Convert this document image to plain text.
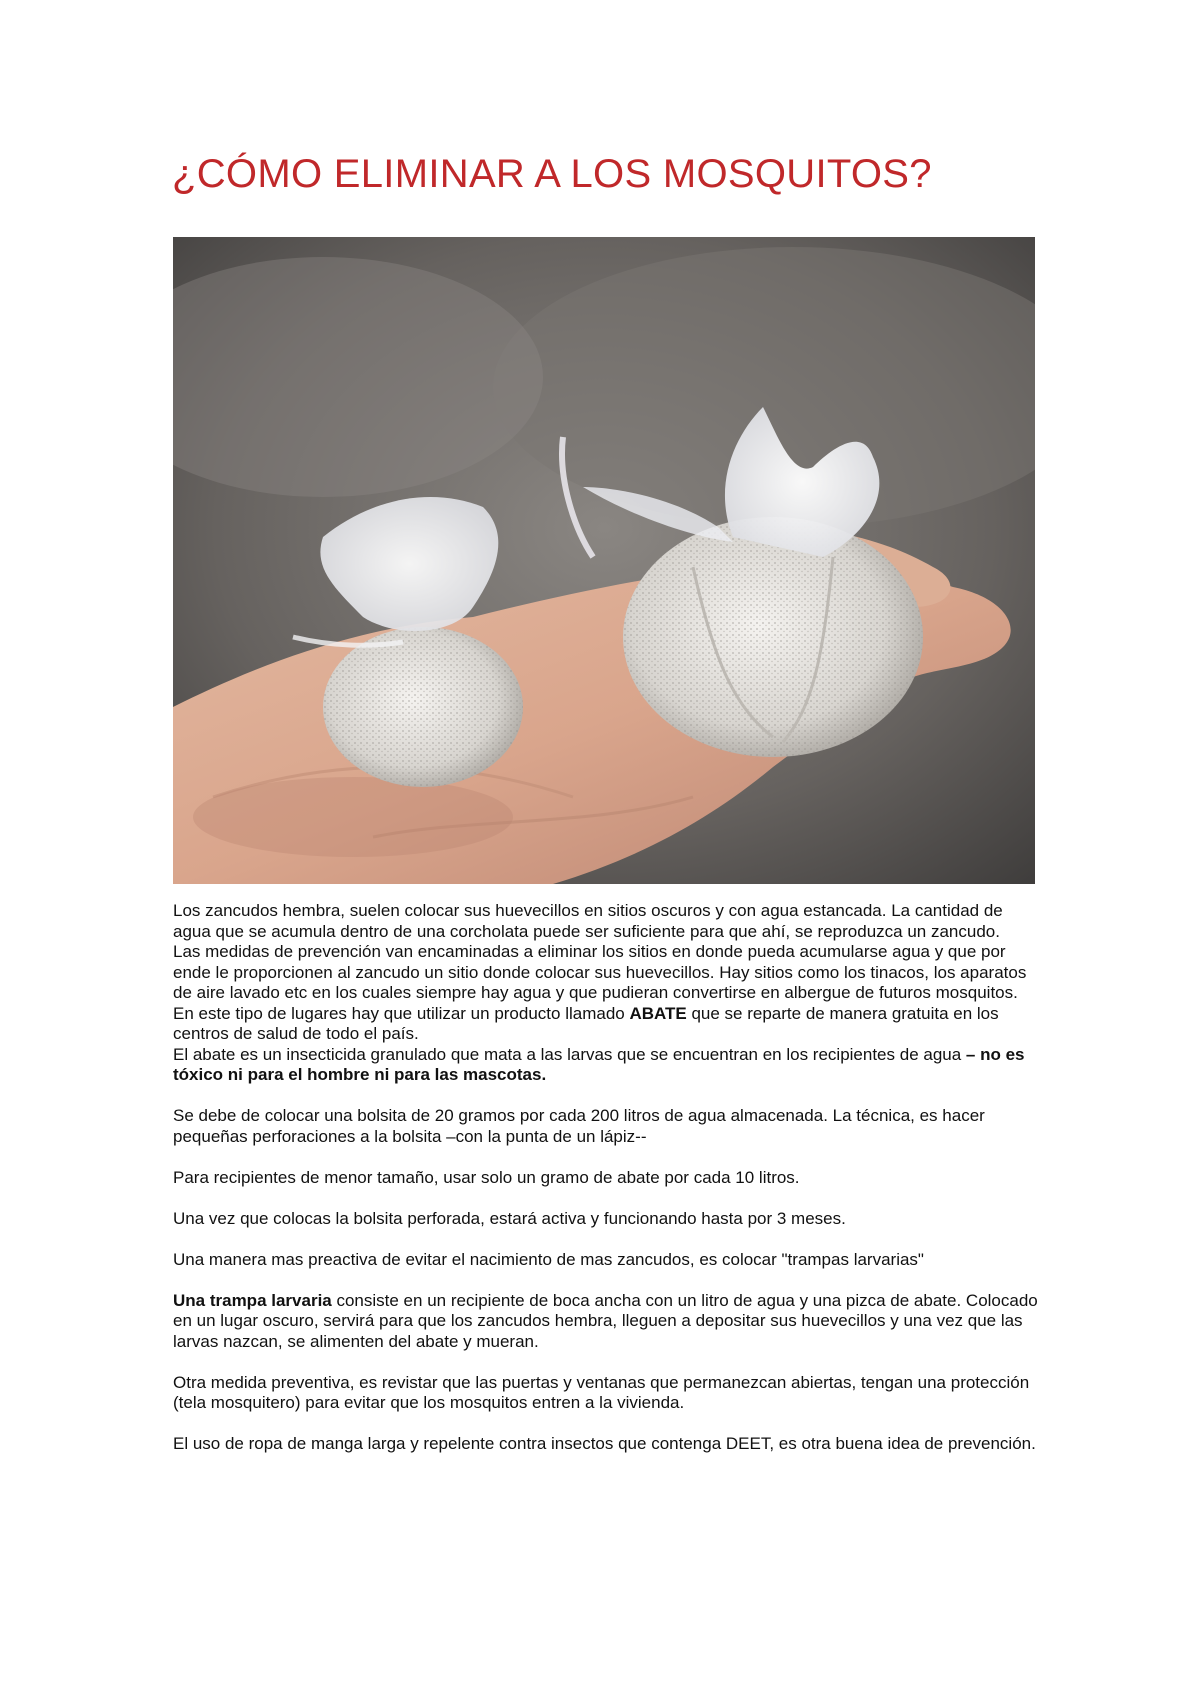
¿CÓMO ELIMINAR A LOS MOSQUITOS?

Los zancudos hembra, suelen colocar sus huevecillos en sitios oscuros y con agua estancada. La cantidad de agua que se acumula dentro de una corcholata puede ser suficiente para que ahí, se reproduzca un zancudo.

Las medidas de prevención van encaminadas a eliminar los sitios en donde pueda acumularse agua y que por ende le proporcionen al zancudo un sitio donde colocar sus huevecillos. Hay sitios como los tinacos, los aparatos de aire lavado etc en los cuales siempre hay agua y que pudieran convertirse en albergue de futuros mosquitos.

En este tipo de lugares hay que utilizar un producto llamado ABATE que se reparte de manera gratuita en los centros de salud de todo el país.

El abate es un insecticida granulado que mata a las larvas que se encuentran en los recipientes de agua – no es tóxico ni para el hombre ni para las mascotas.

Se debe de colocar una bolsita de 20 gramos por cada 200 litros de agua almacenada. La técnica, es hacer pequeñas perforaciones a la bolsita –con la punta de un lápiz--

Para recipientes de menor tamaño, usar solo un gramo de abate por cada 10 litros.

Una vez que colocas la bolsita perforada, estará activa y funcionando hasta por 3 meses.

Una manera mas preactiva de evitar el nacimiento de mas zancudos, es colocar "trampas larvarias"

Una trampa larvaria consiste en un recipiente de boca ancha con un litro de agua y una pizca de abate. Colocado en un lugar oscuro, servirá para que los zancudos hembra, lleguen a depositar sus huevecillos y una vez que las larvas nazcan, se alimenten del abate y mueran.

Otra medida preventiva, es revistar que las puertas y ventanas que permanezcan abiertas, tengan una protección (tela mosquitero) para evitar que los mosquitos entren a la vivienda.

El uso de ropa de manga larga y repelente contra insectos que contenga DEET, es otra buena idea de prevención.
